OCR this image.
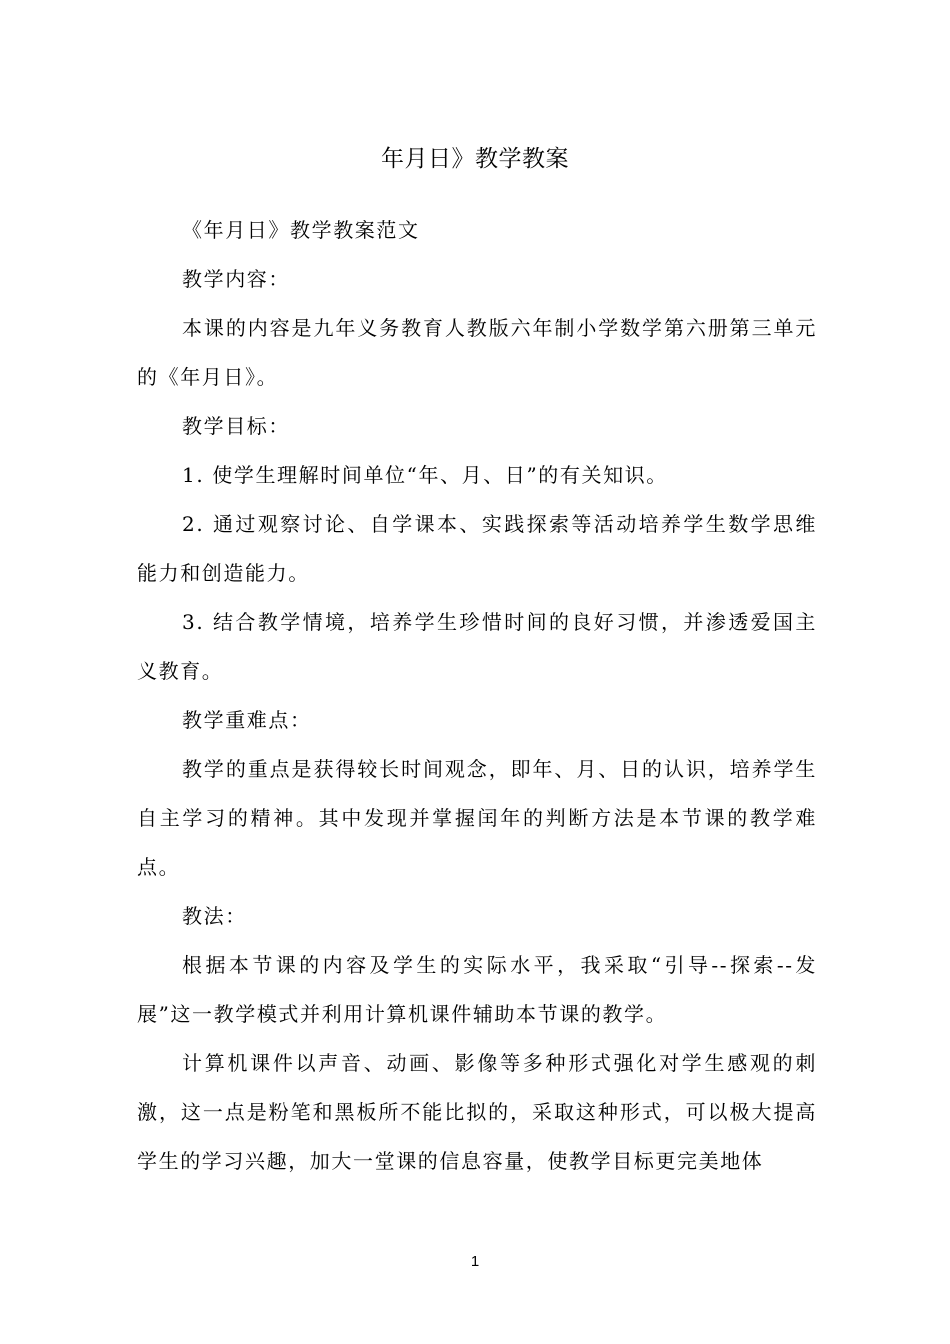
年月日》教学教案

《年月日》教学教案范文

教学内容：

本课的内容是九年义务教育人教版六年制小学数学第六册第三单元的《年月日》。

教学目标：

1. 使学生理解时间单位“年、月、日”的有关知识。

2. 通过观察讨论、自学课本、实践探索等活动培养学生数学思维能力和创造能力。

3. 结合教学情境，培养学生珍惜时间的良好习惯，并渗透爱国主义教育。

教学重难点：

教学的重点是获得较长时间观念，即年、月、日的认识，培养学生自主学习的精神。其中发现并掌握闰年的判断方法是本节课的教学难点。

教法：

根据本节课的内容及学生的实际水平，我采取“引导--探索--发展”这一教学模式并利用计算机课件辅助本节课的教学。

计算机课件以声音、动画、影像等多种形式强化对学生感观的刺激，这一点是粉笔和黑板所不能比拟的，采取这种形式，可以极大提高学生的学习兴趣，加大一堂课的信息容量，使教学目标更完美地体

1
